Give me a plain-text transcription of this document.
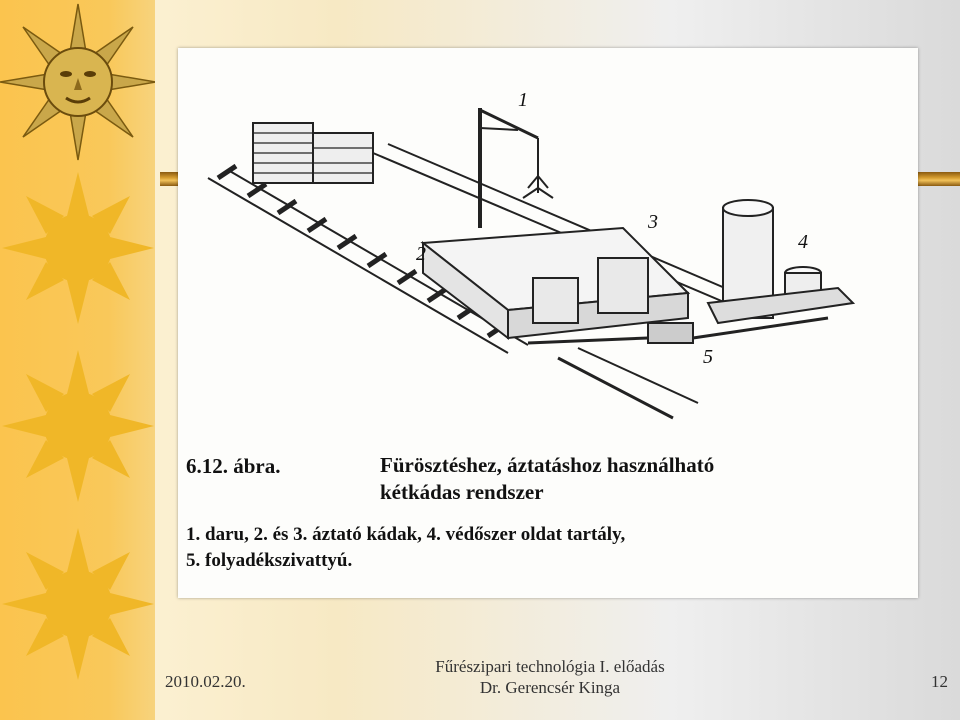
1
2
3
4
5
6.12. ábra.	Fürösztéshez, áztatáshoz használható
kétkádas rendszer
1. daru, 2. és 3. áztató kádak, 4. védőszer oldat tartály,
5. folyadékszivattyú.
2010.02.20.
Fűrészipari technológia I. előadás
Dr. Gerencsér Kinga	12
